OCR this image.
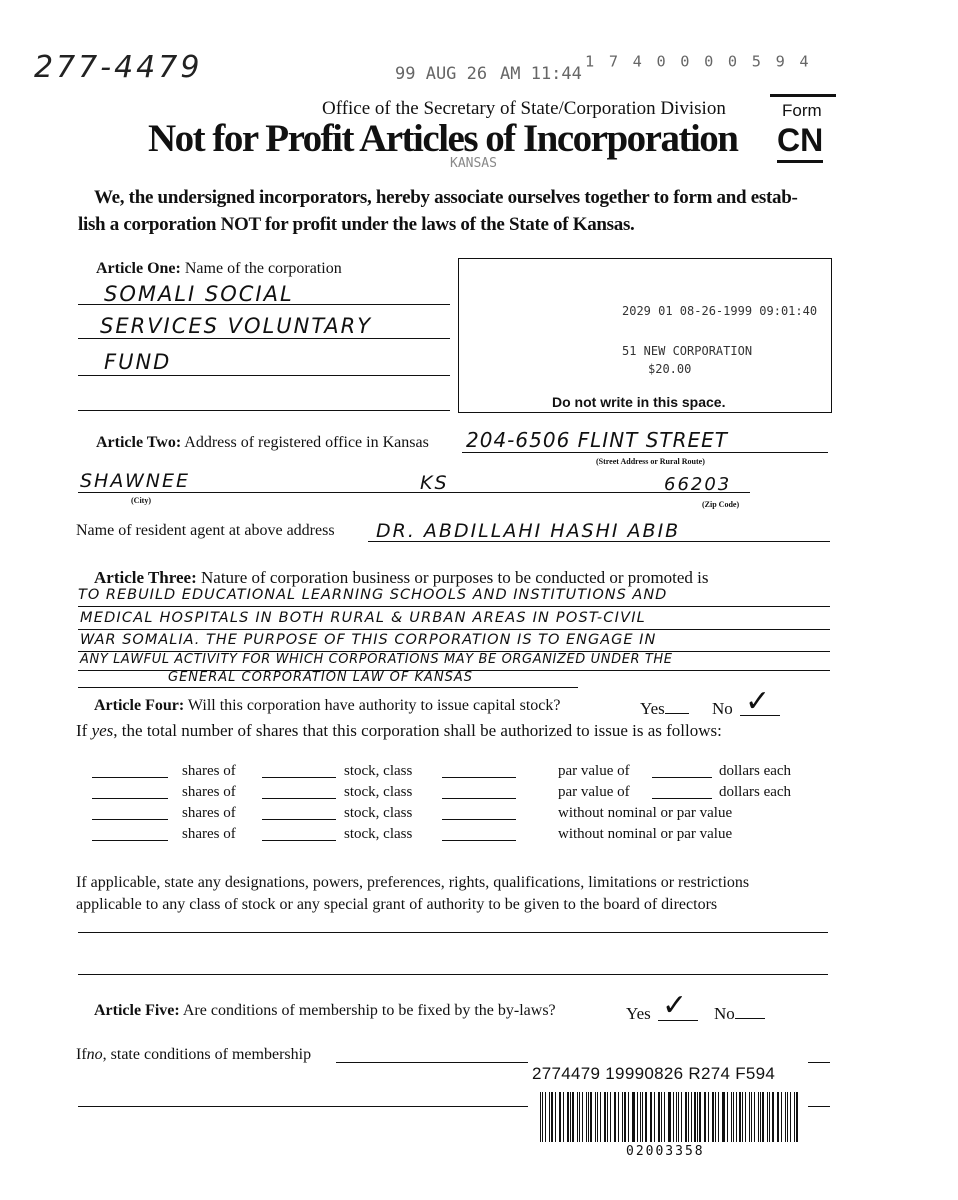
277-4479	99 AUG 26 AM 11:44
1 7 4 0 0 0 0 5 9 4
Office of the Secretary of State/Corporation Division	Form
Not for Profit Articles of Incorporation CN
KANSAS
We, the undersigned incorporators, hereby associate ourselves together to form and estab-
lish a corporation NOT for profit under the laws of the State of Kansas.
Article One: Name of the corporation
SOMALI SOCIAL
SERVICES VOLUNTARY
FUND
2029 01 08-26-1999 09:01:40
51 NEW CORPORATION
$20.00
Do not write in this space.
Article Two: Address of registered office in Kansas 204-6506 FLINT STREET
(Street Address or Rural Route)
SHAWNEE	KS	66203
(City)	(Zip Code)
Name of resident agent at above address DR. ABDILLAHI HASHI ABIB
Article Three: Nature of corporation business or purposes to be conducted or promoted is
TO REBUILD EDUCATIONAL LEARNING SCHOOLS AND INSTITUTIONS AND
MEDICAL HOSPITALS IN BOTH RURAL & URBAN AREAS IN POST-CIVIL
WAR SOMALIA. THE PURPOSE OF THIS CORPORATION IS TO ENGAGE IN
ANY LAWFUL ACTIVITY FOR WHICH CORPORATIONS MAY BE ORGANIZED UNDER THE
GENERAL CORPORATION LAW OF KANSAS
Article Four: Will this corporation have authority to issue capital stock?	Yes	No ✓
If yes, the total number of shares that this corporation shall be authorized to issue is as follows:
shares of	stock, class	par value of	dollars each
shares of	stock, class	par value of	dollars each
shares of	stock, class	without nominal or par value
shares of	stock, class	without nominal or par value
If applicable, state any designations, powers, preferences, rights, qualifications, limitations or restrictions
applicable to any class of stock or any special grant of authority to be given to the board of directors
Article Five: Are conditions of membership to be fixed by the by-laws?	Yes ✓ No
Ifno, state conditions of membership
2774479 19990826 R274 F594
02003358
